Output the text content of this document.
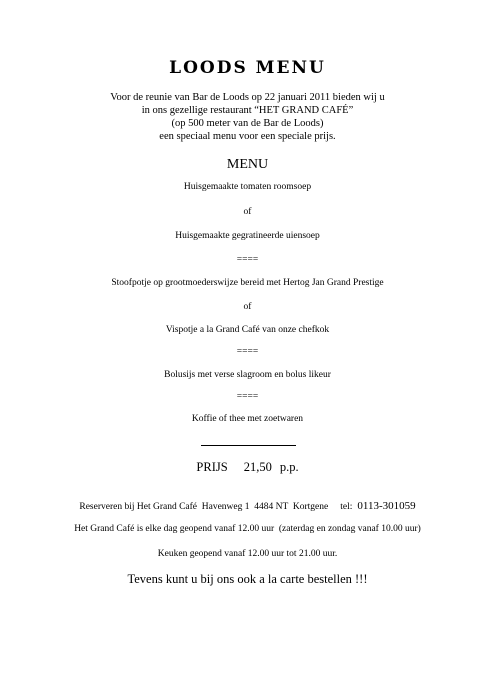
LOODS MENU
Voor de reunie van Bar de Loods op 22 januari 2011 bieden wij u
in ons gezellige restaurant “HET GRAND CAFÉ”
(op 500 meter van de Bar de Loods)
een speciaal menu voor een speciale prijs.
MENU
Huisgemaakte tomaten roomsoep
of
Huisgemaakte gegratineerde uiensoep
====
Stoofpotje op grootmoederswijze bereid met Hertog Jan Grand Prestige
of
Vispotje a la Grand Café van onze chefkok
====
Bolusijs met verse slagroom en bolus likeur
====
Koffie of thee met zoetwaren
PRIJS 21,50 p.p.
Reserveren bij Het Grand Café  Havenweg 1  4484 NT  Kortgene tel: 0113-301059
Het Grand Café is elke dag geopend vanaf 12.00 uur  (zaterdag en zondag vanaf 10.00 uur)
Keuken geopend vanaf 12.00 uur tot 21.00 uur.
Tevens kunt u bij ons ook a la carte bestellen !!!
